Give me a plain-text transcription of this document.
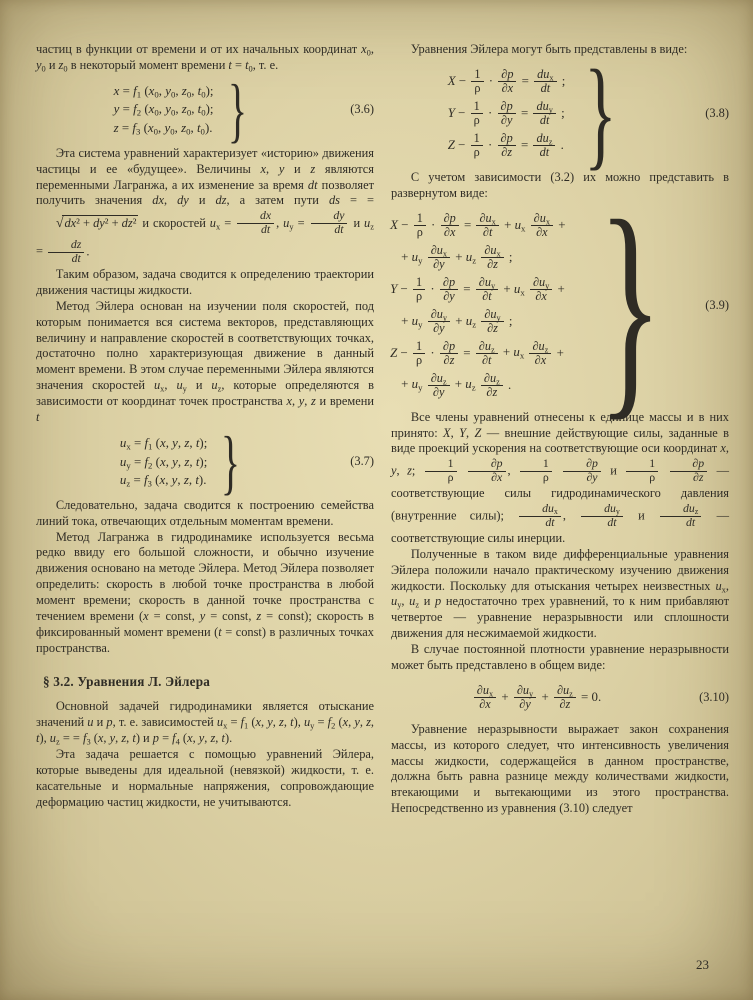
частиц в функции от времени и от их начальных координат $x_0$, $y_0$ и $z_0$ в некоторый момент времени $t = t_0$, т. е.

$x = f_1$ ($x_0$, $y_0$, $z_0$, $t_0$);
$y = f_2$ ($x_0$, $y_0$, $z_0$, $t_0$);
$z = f_3$ ($x_0$, $y_0$, $z_0$, $t_0$). }	(3.6)

Эта система уравнений характеризует «историю» движения частицы и ее «будущее». Величины x, y и z являются переменными Лагранжа, а их изменение за время dt позволяет получить значения dx, dy и dz, а затем пути ds = = √dx² + dy² + dz² и скоростей $u_x = \frac{dx}{dt}$ , $u_y = \frac{dy}{dt}$ и $u_z = \frac{dz}{dt}$ .

Таким образом, задача сводится к определению траектории движения частицы жидкости.

Метод Эйлера основан на изучении поля скоростей, под которым понимается вся система векторов, представляющих величину и направление скоростей в соответствующих точках, достаточно полно характеризующая движение в данный момент времени. В этом случае переменными Эйлера являются значения скоростей $u_x$, $u_y$ и $u_z$, которые определяются в зависимости от координат точек пространства x, y, z и времени t

$u_x = f_1$ (x, y, z, t);
$u_y = f_2$ (x, y, z, t);
$u_z = f_3$ (x, y, z, t). }	(3.7)

Следовательно, задача сводится к построению семейства линий тока, отвечающих отдельным моментам времени.

Метод Лагранжа в гидродинамике используется весьма редко ввиду его большой сложности, и обычно изучение движения основано на методе Эйлера. Метод Эйлера позволяет определить: скорость в любой точке пространства в любой момент времени; скорость в данной точке пространства с течением времени (x = const, y = const, z = const); скорость в фиксированный момент времени (t = const) в различных точках пространства.

§ 3.2. Уравнения Л. Эйлера

Основной задачей гидродинамики является отыскание значений u и p, т. е. зависимостей $u_x = f_1$ (x, y, z, t), $u_y = f_2$ (x, y, z, t), $u_z$ = = $f_3$ (x, y, z, t) и $p = f_4$ (x, y, z, t).

Эта задача решается с помощью уравнений Эйлера, которые выведены для идеальной (невязкой) жидкости, т. е. касательные и нормальные напряжения, сопровождающие деформацию частиц жидкости, не учитываются.

Уравнения Эйлера могут быть представлены в виде:

$X - \frac{1}{\rho} \cdot \frac{\partial p}{\partial x} = \frac{du_x}{dt}$ ;
$Y - \frac{1}{\rho} \cdot \frac{\partial p}{\partial y} = \frac{du_y}{dt}$ ;
$Z - \frac{1}{\rho} \cdot \frac{\partial p}{\partial z} = \frac{du_z}{dt}$ . }	(3.8)

С учетом зависимости (3.2) их можно представить в развернутом виде:

$X - \frac{1}{\rho} \cdot \frac{\partial p}{\partial x} = \frac{\partial u_x}{\partial t} + u_x \frac{\partial u_x}{\partial x}$ +
+ $u_y \frac{\partial u_x}{\partial y} + u_z \frac{\partial u_x}{\partial z}$ ;
$Y - \frac{1}{\rho} \cdot \frac{\partial p}{\partial y} = \frac{\partial u_y}{\partial t} + u_x \frac{\partial u_y}{\partial x}$ +
+ $u_y \frac{\partial u_y}{\partial y} + u_z \frac{\partial u_y}{\partial z}$ ;
$Z - \frac{1}{\rho} \cdot \frac{\partial p}{\partial z} = \frac{\partial u_z}{\partial t} + u_x \frac{\partial u_z}{\partial x}$ +
+ $u_y \frac{\partial u_z}{\partial y} + u_z \frac{\partial u_z}{\partial z}$ . }	(3.9)

Все члены уравнений отнесены к единице массы и в них принято: X, Y, Z — внешние действующие силы, заданные в виде проекций ускорения на соответствующие оси координат x, y, z; $\frac{1}{\rho}$
$\frac{\partial p}{\partial x}$ , $\frac{1}{\rho}$
$\frac{\partial p}{\partial y}$ и $\frac{1}{\rho}$
$\frac{\partial p}{\partial z}$ — соответствующие силы гидродинамического давления (внутренние силы); $\frac{du_x}{dt}$ , $\frac{du_y}{dt}$ и $\frac{du_z}{dt}$ — соответствующие силы инерции.

Полученные в таком виде дифференциальные уравнения Эйлера положили начало практическому изучению движения жидкости. Поскольку для отыскания четырех неизвестных $u_x$, $u_y$, $u_z$ и p недостаточно трех уравнений, то к ним прибавляют четвертое — уравнение неразрывности или сплошности движения для несжимаемой жидкости.

В случае постоянной плотности уравнение неразрывности может быть представлено в общем виде:

$\frac{\partial u_x}{\partial x} + \frac{\partial u_y}{\partial y} + \frac{\partial u_z}{\partial z} = 0$.	(3.10)

Уравнение неразрывности выражает закон сохранения массы, из которого следует, что интенсивность увеличения массы жидкости, содержащейся в данном пространстве, должна быть равна разнице между количествами жидкости, втекающими и вытекающими из этого пространства. Непосредственно из уравнения (3.10) следует

23
